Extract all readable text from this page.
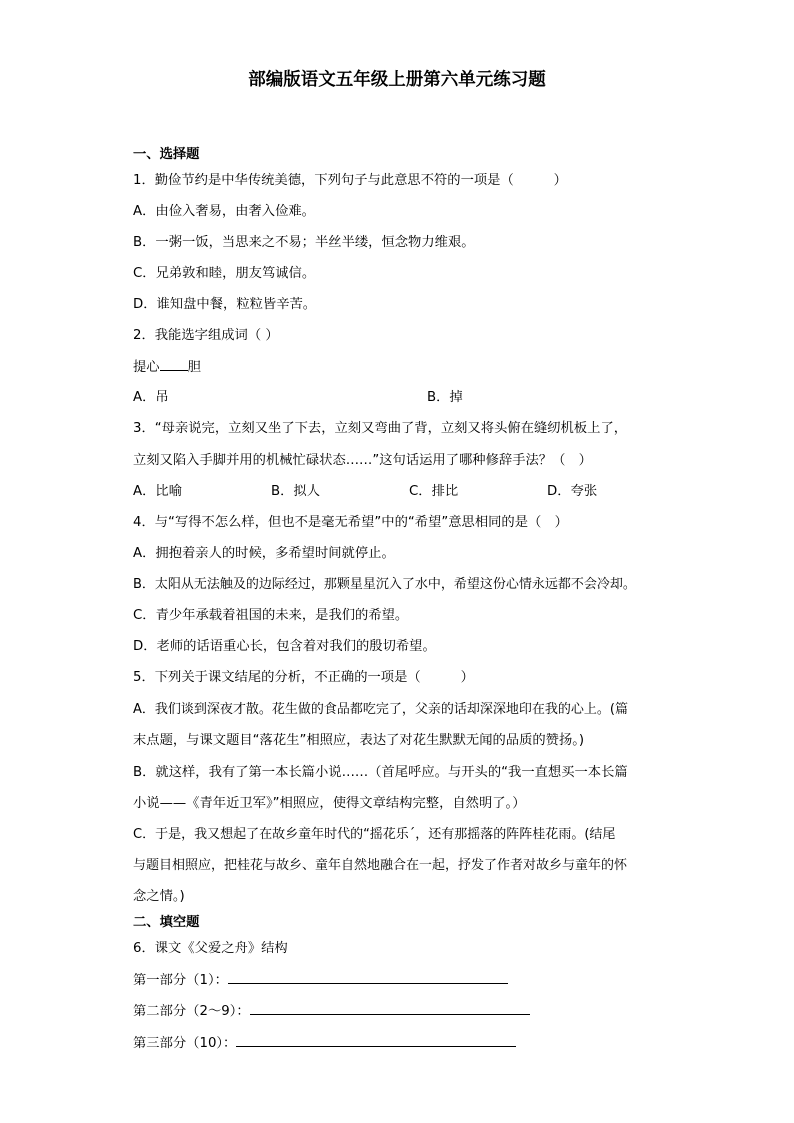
部编版语文五年级上册第六单元练习题
一、选择题
1．勤俭节约是中华传统美德，下列句子与此意思不符的一项是（　　　）
A．由俭入奢易，由奢入俭难。
B．一粥一饭，当思来之不易；半丝半缕，恒念物力维艰。
C．兄弟敦和睦，朋友笃诚信。
D．谁知盘中餐，粒粒皆辛苦。
2．我能选字组成词（ ）
提心 胆
A．吊	B．掉
3．“母亲说完，立刻又坐了下去，立刻又弯曲了背，立刻又将头俯在缝纫机板上了，
立刻又陷入手脚并用的机械忙碌状态……”这句话运用了哪种修辞手法？（　）
A．比喻	B．拟人	C．排比	D．夸张
4．与“写得不怎么样，但也不是毫无希望”中的“希望”意思相同的是（　）
A．拥抱着亲人的时候，多希望时间就停止。
B．太阳从无法触及的边际经过，那颗星星沉入了水中，希望这份心情永远都不会冷却。
C．青少年承载着祖国的未来，是我们的希望。
D．老师的话语重心长，包含着对我们的殷切希望。
5．下列关于课文结尾的分析，不正确的一项是（　　　）
A．我们谈到深夜才散。花生做的食品都吃完了，父亲的话却深深地印在我的心上。(篇
末点题，与课文题目“落花生”相照应，表达了对花生默默无闻的品质的赞扬。)
B．就这样，我有了第一本长篇小说……（首尾呼应。与开头的“我一直想买一本长篇
小说——《青年近卫军》”相照应，使得文章结构完整，自然明了。）
C．于是，我又想起了在故乡童年时代的“摇花乐ˊ，还有那摇落的阵阵桂花雨。(结尾
与题目相照应，把桂花与故乡、童年自然地融合在一起，抒发了作者对故乡与童年的怀
念之情。)
二、填空题
6．课文《父爱之舟》结构
第一部分（1）：
第二部分（2～9）：
第三部分（10）：
